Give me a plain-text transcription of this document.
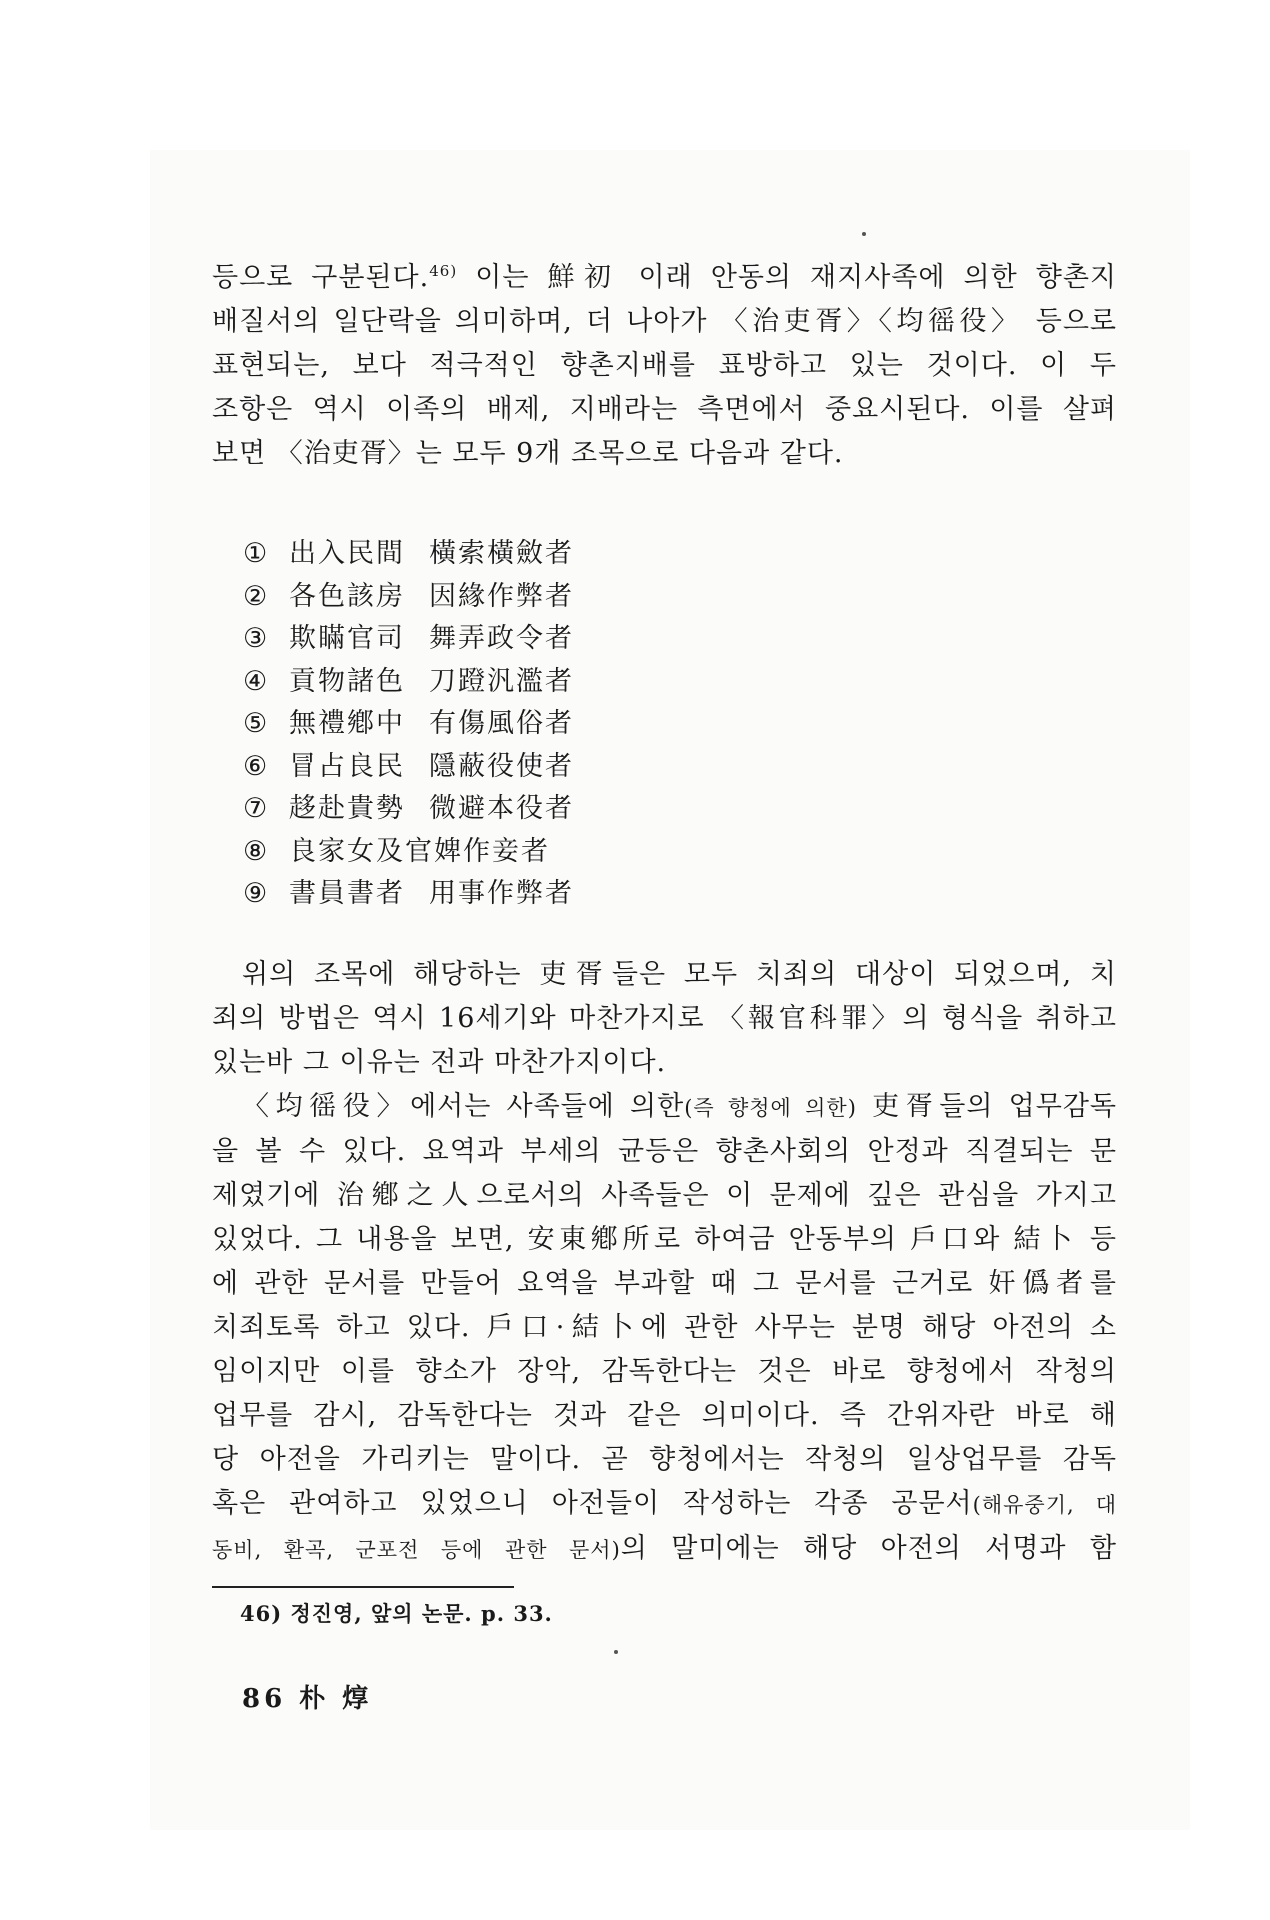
등으로 구분된다.$^{46)}$ 이는 鮮初 이래 안동의 재지사족에 의한 향촌지
배질서의 일단락을 의미하며, 더 나아가 〈治吏胥〉〈均徭役〉 등으로
표현되는, 보다 적극적인 향촌지배를 표방하고 있는 것이다. 이 두
조항은 역시 이족의 배제, 지배라는 측면에서 중요시된다. 이를 살펴
보면 〈治吏胥〉는 모두 9개 조목으로 다음과 같다.

① 出入民間 橫索橫斂者
② 各色該房 因緣作弊者
③ 欺瞞官司 舞弄政令者
④ 貢物諸色 刀蹬汎濫者
⑤ 無禮鄕中 有傷風俗者
⑥ 冒占良民 隱蔽役使者
⑦ 趍赴貴勢 微避本役者
⑧ 良家女及官婢作妾者
⑨ 書員書者 用事作弊者

위의 조목에 해당하는 吏胥들은 모두 치죄의 대상이 되었으며, 치
죄의 방법은 역시 16세기와 마찬가지로 〈報官科罪〉의 형식을 취하고
있는바 그 이유는 전과 마찬가지이다.

〈均徭役〉에서는 사족들에 의한(즉 향청에 의한) 吏胥들의 업무감독
을 볼 수 있다. 요역과 부세의 균등은 향촌사회의 안정과 직결되는 문
제였기에 治鄕之人으로서의 사족들은 이 문제에 깊은 관심을 가지고
있었다. 그 내용을 보면, 安東鄕所로 하여금 안동부의 戶口와 結卜 등
에 관한 문서를 만들어 요역을 부과할 때 그 문서를 근거로 奸僞者를
치죄토록 하고 있다. 戶口·結卜에 관한 사무는 분명 해당 아전의 소
임이지만 이를 향소가 장악, 감독한다는 것은 바로 향청에서 작청의
업무를 감시, 감독한다는 것과 같은 의미이다. 즉 간위자란 바로 해
당 아전을 가리키는 말이다. 곧 향청에서는 작청의 일상업무를 감독
혹은 관여하고 있었으니 아전들이 작성하는 각종 공문서(해유중기, 대
동비, 환곡, 군포전 등에 관한 문서)의 말미에는 해당 아전의 서명과 함

46) 정진영, 앞의 논문. p. 33.
86 朴 焞
